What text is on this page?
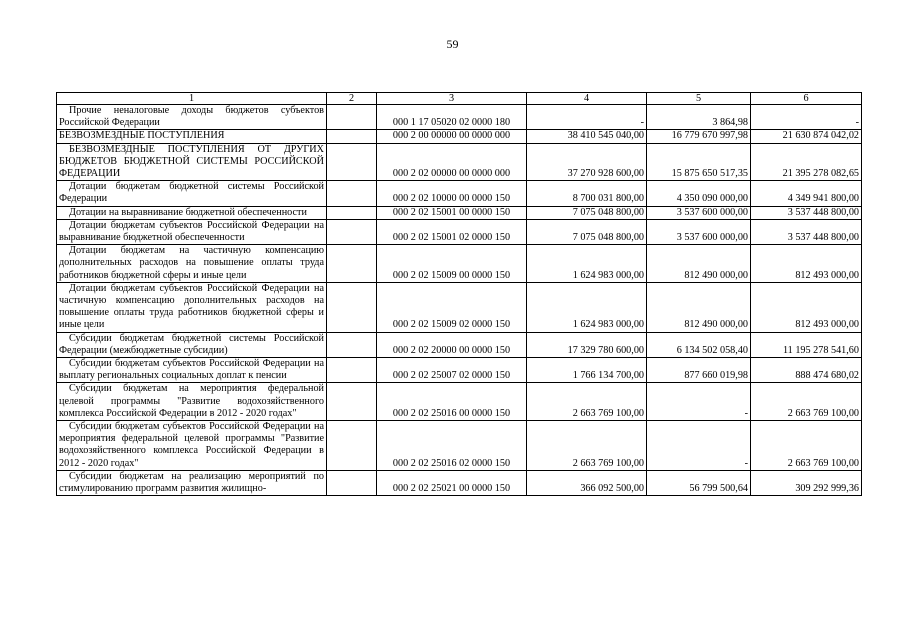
59
1	2	3	4	5	6
Прочие неналоговые доходы бюджетов субъектов Российской Федерации		000 1 17 05020 02 0000 180	-	3 864,98	-
БЕЗВОЗМЕЗДНЫЕ ПОСТУПЛЕНИЯ		000 2 00 00000 00 0000 000	38 410 545 040,00	16 779 670 997,98	21 630 874 042,02
БЕЗВОЗМЕЗДНЫЕ ПОСТУПЛЕНИЯ ОТ ДРУГИХ БЮДЖЕТОВ БЮДЖЕТНОЙ СИСТЕМЫ РОССИЙСКОЙ ФЕДЕРАЦИИ		000 2 02 00000 00 0000 000	37 270 928 600,00	15 875 650 517,35	21 395 278 082,65
Дотации бюджетам бюджетной системы Российской Федерации		000 2 02 10000 00 0000 150	8 700 031 800,00	4 350 090 000,00	4 349 941 800,00
Дотации на выравнивание бюджетной обеспеченности		000 2 02 15001 00 0000 150	7 075 048 800,00	3 537 600 000,00	3 537 448 800,00
Дотации бюджетам субъектов Российской Федерации на выравнивание бюджетной обеспеченности		000 2 02 15001 02 0000 150	7 075 048 800,00	3 537 600 000,00	3 537 448 800,00
Дотации бюджетам на частичную компенсацию дополнительных расходов на повышение оплаты труда работников бюджетной сферы и иные цели		000 2 02 15009 00 0000 150	1 624 983 000,00	812 490 000,00	812 493 000,00
Дотации бюджетам субъектов Российской Федерации на частичную компенсацию дополнительных расходов на повышение оплаты труда работников бюджетной сферы и иные цели		000 2 02 15009 02 0000 150	1 624 983 000,00	812 490 000,00	812 493 000,00
Субсидии бюджетам бюджетной системы Российской Федерации (межбюджетные субсидии)		000 2 02 20000 00 0000 150	17 329 780 600,00	6 134 502 058,40	11 195 278 541,60
Субсидии бюджетам субъектов Российской Федерации на выплату региональных социальных доплат к пенсии		000 2 02 25007 02 0000 150	1 766 134 700,00	877 660 019,98	888 474 680,02
Субсидии бюджетам на мероприятия федеральной целевой программы "Развитие водохозяйственного комплекса Российской Федерации в 2012 - 2020 годах"		000 2 02 25016 00 0000 150	2 663 769 100,00	-	2 663 769 100,00
Субсидии бюджетам субъектов Российской Федерации на мероприятия федеральной целевой программы "Развитие водохозяйственного комплекса Российской Федерации в 2012 - 2020 годах"		000 2 02 25016 02 0000 150	2 663 769 100,00	-	2 663 769 100,00
Субсидии бюджетам на реализацию мероприятий по стимулированию программ развития жилищно-		000 2 02 25021 00 0000 150	366 092 500,00	56 799 500,64	309 292 999,36
